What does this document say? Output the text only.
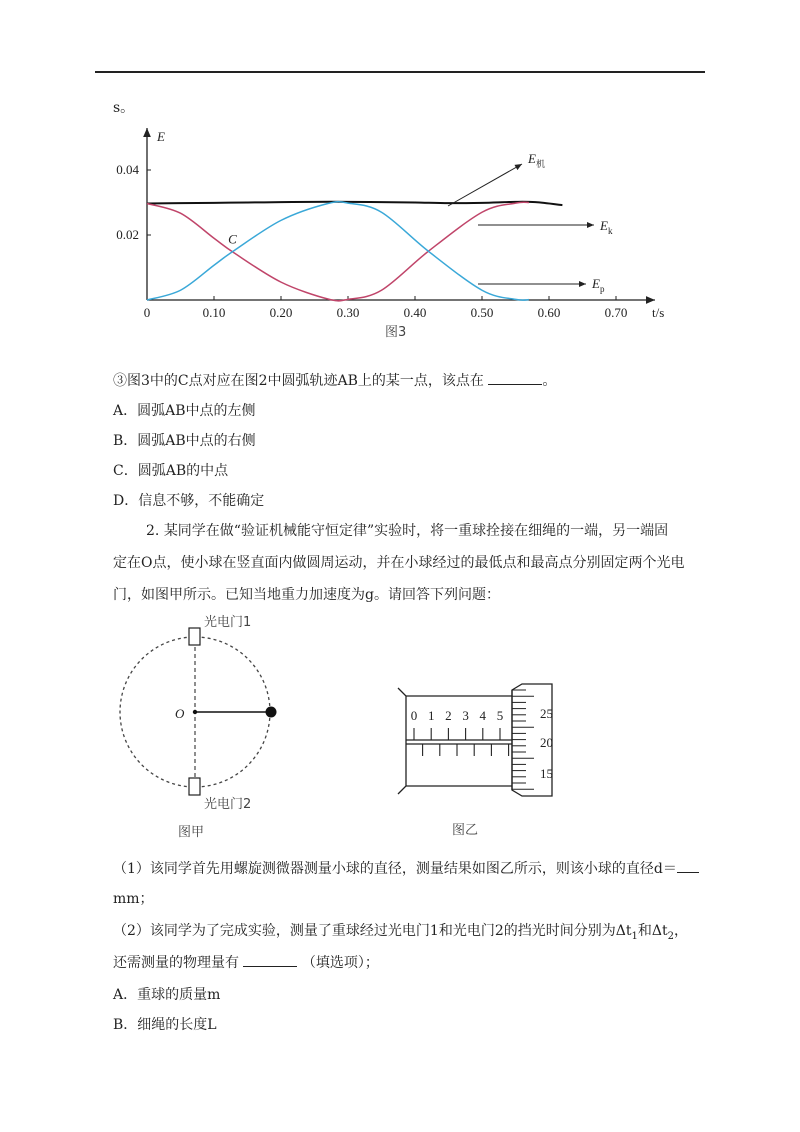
s。
0	0.10	0.20	0.30	0.40	0.50	0.60	0.70
0.02
0.04
E
t/s
C
$E_机$
$E_k$
$E_p$
图3
③图3中的C点对应在图2中圆弧轨迹AB上的某一点，该点在	。
A．圆弧AB中点的左侧
B．圆弧AB中点的右侧
C．圆弧AB的中点
D．信息不够，不能确定
2. 某同学在做“验证机械能守恒定律”实验时，将一重球拴接在细绳的一端，另一端固
定在O点，使小球在竖直面内做圆周运动，并在小球经过的最低点和最高点分别固定两个光电
门，如图甲所示。已知当地重力加速度为g。请回答下列问题：
O
光电门1
光电门2
图甲
0 1 2 3 4 5	25
20
15
图乙
（1）该同学首先用螺旋测微器测量小球的直径，测量结果如图乙所示，则该小球的直径d＝
mm；
（2）该同学为了完成实验，测量了重球经过光电门1和光电门2的挡光时间分别为$\Delta t_1$和$\Delta t_2$，
还需测量的物理量有	（填选项）；
A．重球的质量m
B．细绳的长度L
